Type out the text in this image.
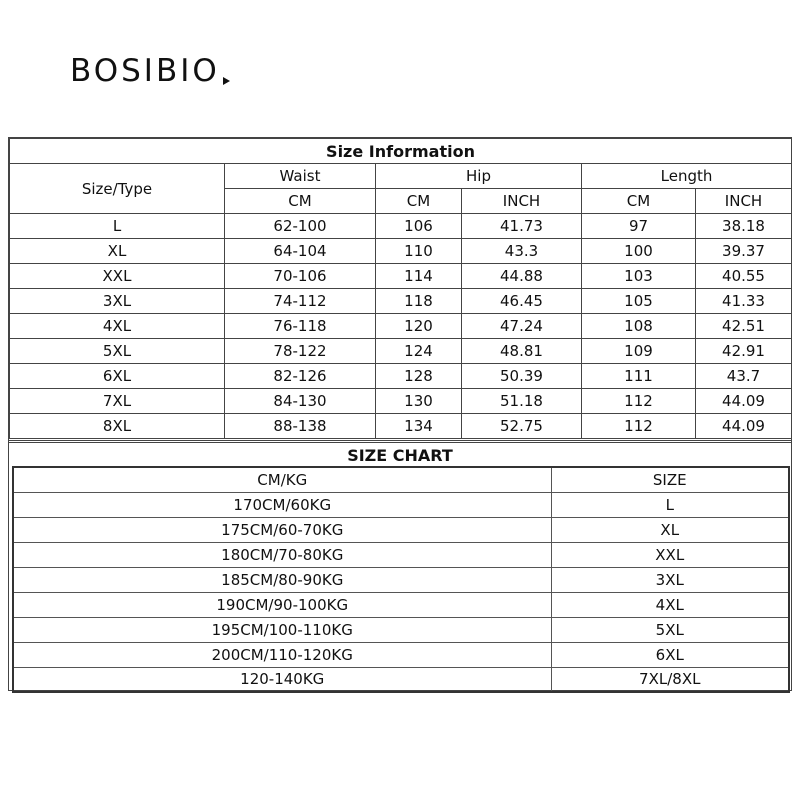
BOSIBIO
Size Information					
Size/Type	Waist	Hip		Length	
	CM	CM	INCH	CM	INCH
L	62-100	106	41.73	97	38.18
XL	64-104	110	43.3	100	39.37
XXL	70-106	114	44.88	103	40.55
3XL	74-112	118	46.45	105	41.33
4XL	76-118	120	47.24	108	42.51
5XL	78-122	124	48.81	109	42.91
6XL	82-126	128	50.39	111	43.7
7XL	84-130	130	51.18	112	44.09
8XL	88-138	134	52.75	112	44.09
SIZE CHART
CM/KG	SIZE
170CM/60KG	L
175CM/60-70KG	XL
180CM/70-80KG	XXL
185CM/80-90KG	3XL
190CM/90-100KG	4XL
195CM/100-110KG	5XL
200CM/110-120KG	6XL
120-140KG	7XL/8XL
